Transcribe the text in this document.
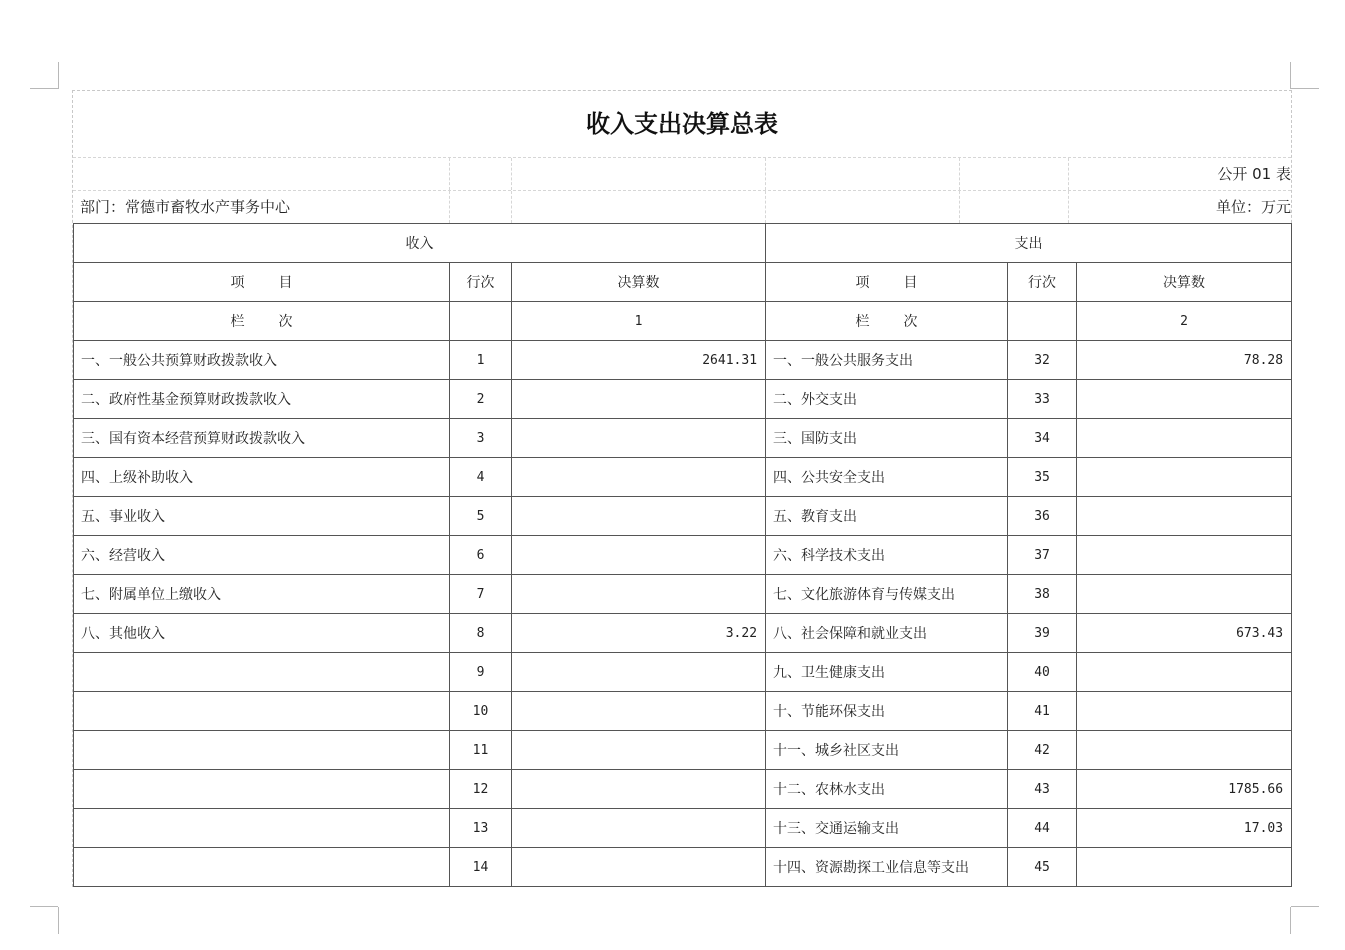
收入支出决算总表
公开 01 表
部门：常德市畜牧水产事务中心	单位：万元
收入			支出		
项 目	行次	决算数	项 目	行次	决算数
栏 次		1	栏 次		2
一、一般公共预算财政拨款收入	1	2641.31	一、一般公共服务支出	32	78.28
二、政府性基金预算财政拨款收入	2		二、外交支出	33	
三、国有资本经营预算财政拨款收入	3		三、国防支出	34	
四、上级补助收入	4		四、公共安全支出	35	
五、事业收入	5		五、教育支出	36	
六、经营收入	6		六、科学技术支出	37	
七、附属单位上缴收入	7		七、文化旅游体育与传媒支出	38	
八、其他收入	8	3.22	八、社会保障和就业支出	39	673.43
	9		九、卫生健康支出	40	
	10		十、节能环保支出	41	
	11		十一、城乡社区支出	42	
	12		十二、农林水支出	43	1785.66
	13		十三、交通运输支出	44	17.03
	14		十四、资源勘探工业信息等支出	45	
